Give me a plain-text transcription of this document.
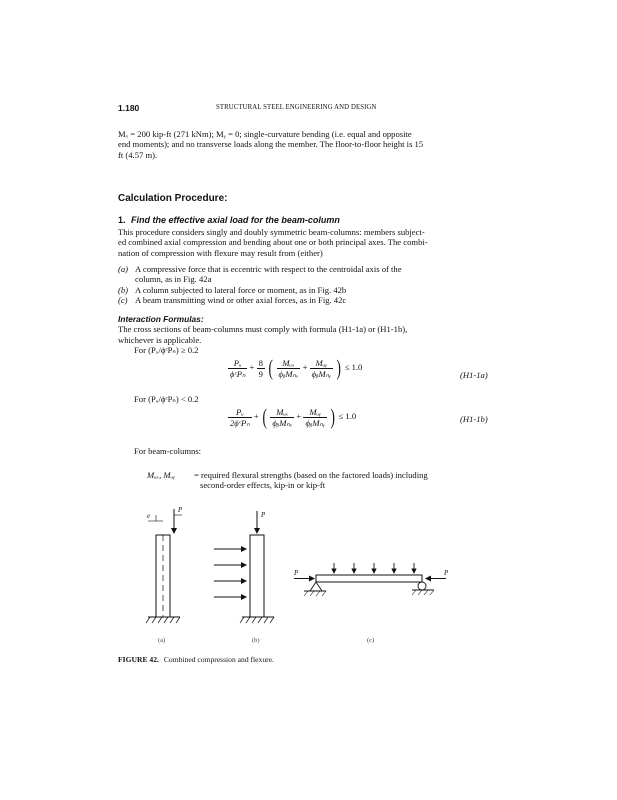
1.180	STRUCTURAL STEEL ENGINEERING AND DESIGN
Mₓ = 200 kip-ft (271 kNm); Mᵧ = 0; single-curvature bending (i.e. equal and opposite
end moments); and no transverse loads along the member. The floor-to-floor height is 15
ft (4.57 m).
Calculation Procedure:
1. Find the effective axial load for the beam-column
This procedure considers singly and doubly symmetric beam-columns: members subject-
ed combined axial compression and bending about one or both principal axes. The combi-
nation of compression with flexure may result from (either)
(a) A compressive force that is eccentric with respect to the centroidal axis of the
column, as in Fig. 42a
(b) A column subjected to lateral force or moment, as in Fig. 42b
(c) A beam transmitting wind or other axial forces, as in Fig. 42c
Interaction Formulas:
The cross sections of beam-columns must comply with formula (H1-1a) or (H1-1b),
whichever is applicable.
For (Pᵤ/ϕᶜPₙ) ≥ 0.2
$\frac{\text{Pᵤ}}{\text{ϕᶜPₙ}} + \frac{8}{9}$ ( $\frac{\text{Mᵤₓ}}{\text{ϕᵦMₙₓ}} + \frac{\text{Mᵤᵧ}}{\text{ϕᵦMₙᵧ}}$ ) ≤ 1.0
(H1-1a)
For (Pᵤ/ϕᶜPₙ) < 0.2
$\frac{\text{Pᵤ}}{\text{2ϕᶜPₙ}}$ + ( $\frac{\text{Mᵤₓ}}{\text{ϕᵦMₙₓ}} + \frac{\text{Mᵤᵧ}}{\text{ϕᵦMₙᵧ}}$ ) ≤ 1.0	(H1-1b)
For beam-columns:
Mᵤₓ, Mᵤᵧ = required flexural strengths (based on the factored loads) including
second-order effects, kip-in or kip-ft
e
P
P
P	P
(a)	(b)	(c)
FIGURE 42. Combined compression and flexure.
